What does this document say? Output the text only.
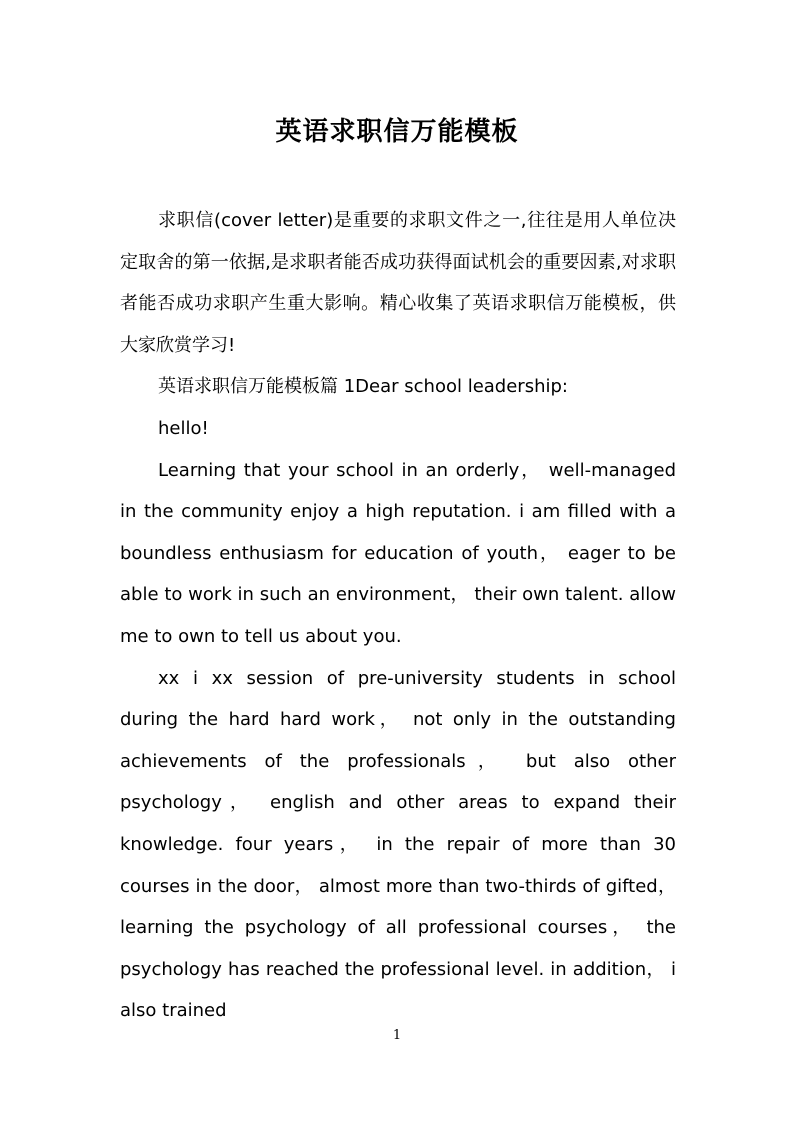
英语求职信万能模板

求职信(cover letter)是重要的求职文件之一,往往是用人单位决定取舍的第一依据,是求职者能否成功获得面试机会的重要因素,对求职者能否成功求职产生重大影响。精心收集了英语求职信万能模板，供大家欣赏学习!

英语求职信万能模板篇 1Dear school leadership:

hello!

Learning that your school in an orderly， well-managed in the community enjoy a high reputation. i am filled with a boundless enthusiasm for education of youth， eager to be able to work in such an environment， their own talent. allow me to own to tell us about you.

xx i xx session of pre-university students in school during the hard hard work， not only in the outstanding achievements of the professionals， but also other psychology， english and other areas to expand their knowledge. four years， in the repair of more than 30 courses in the door， almost more than two-thirds of gifted， learning the psychology of all professional courses， the psychology has reached the professional level. in addition， i also trained

1
